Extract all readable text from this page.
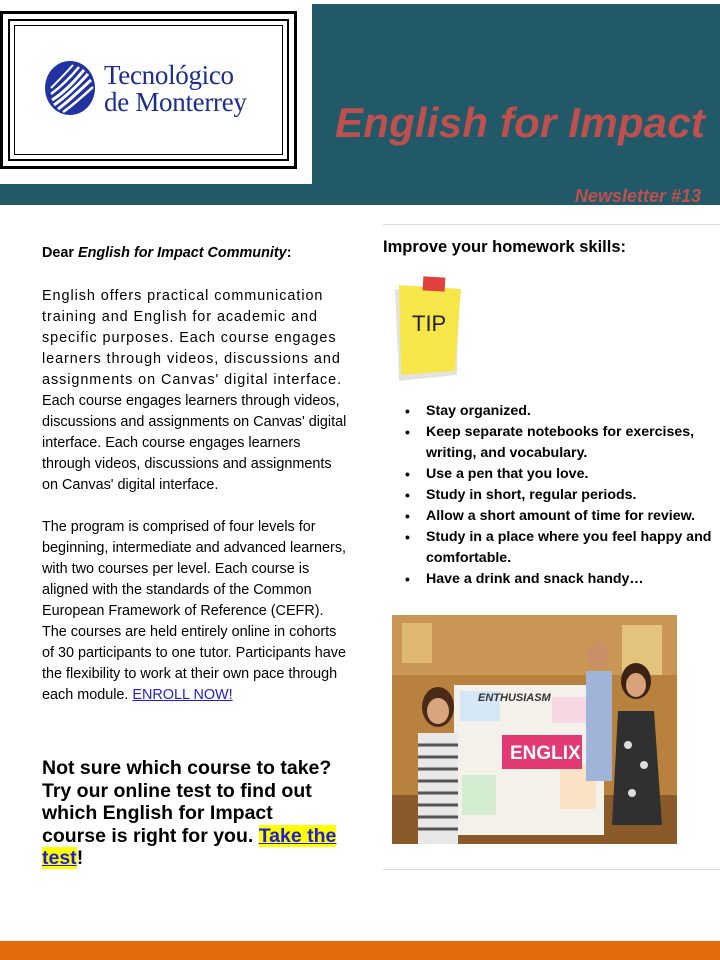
Tecnológico
de Monterrey English for Impact
Newsletter #13

Dear English for Impact Community:

English offers practical communication training and English for academic and specific purposes. Each course engages learners through videos, discussions and assignments on Canvas' digital interface. Each course engages learners through videos, discussions and assignments on Canvas' digital interface. Each course engages learners through videos, discussions and assignments on Canvas' digital interface.

The program is comprised of four levels for beginning, intermediate and advanced learners, with two courses per level. Each course is aligned with the standards of the Common European Framework of Reference (CEFR). The courses are held entirely online in cohorts of 30 participants to one tutor. Participants have the flexibility to work at their own pace through each module. ENROLL NOW!

Not sure which course to take? Try our online test to find out which English for Impact course is right for you. Take the test!

Improve your homework skills:
TIP
• Stay organized.
• Keep separate notebooks for exercises, writing, and vocabulary.
• Use a pen that you love.
• Study in short, regular periods.
• Allow a short amount of time for review.
• Study in a place where you feel happy and comfortable.
• Have a drink and snack handy…
ENGLIX
ENTHUSIASM
